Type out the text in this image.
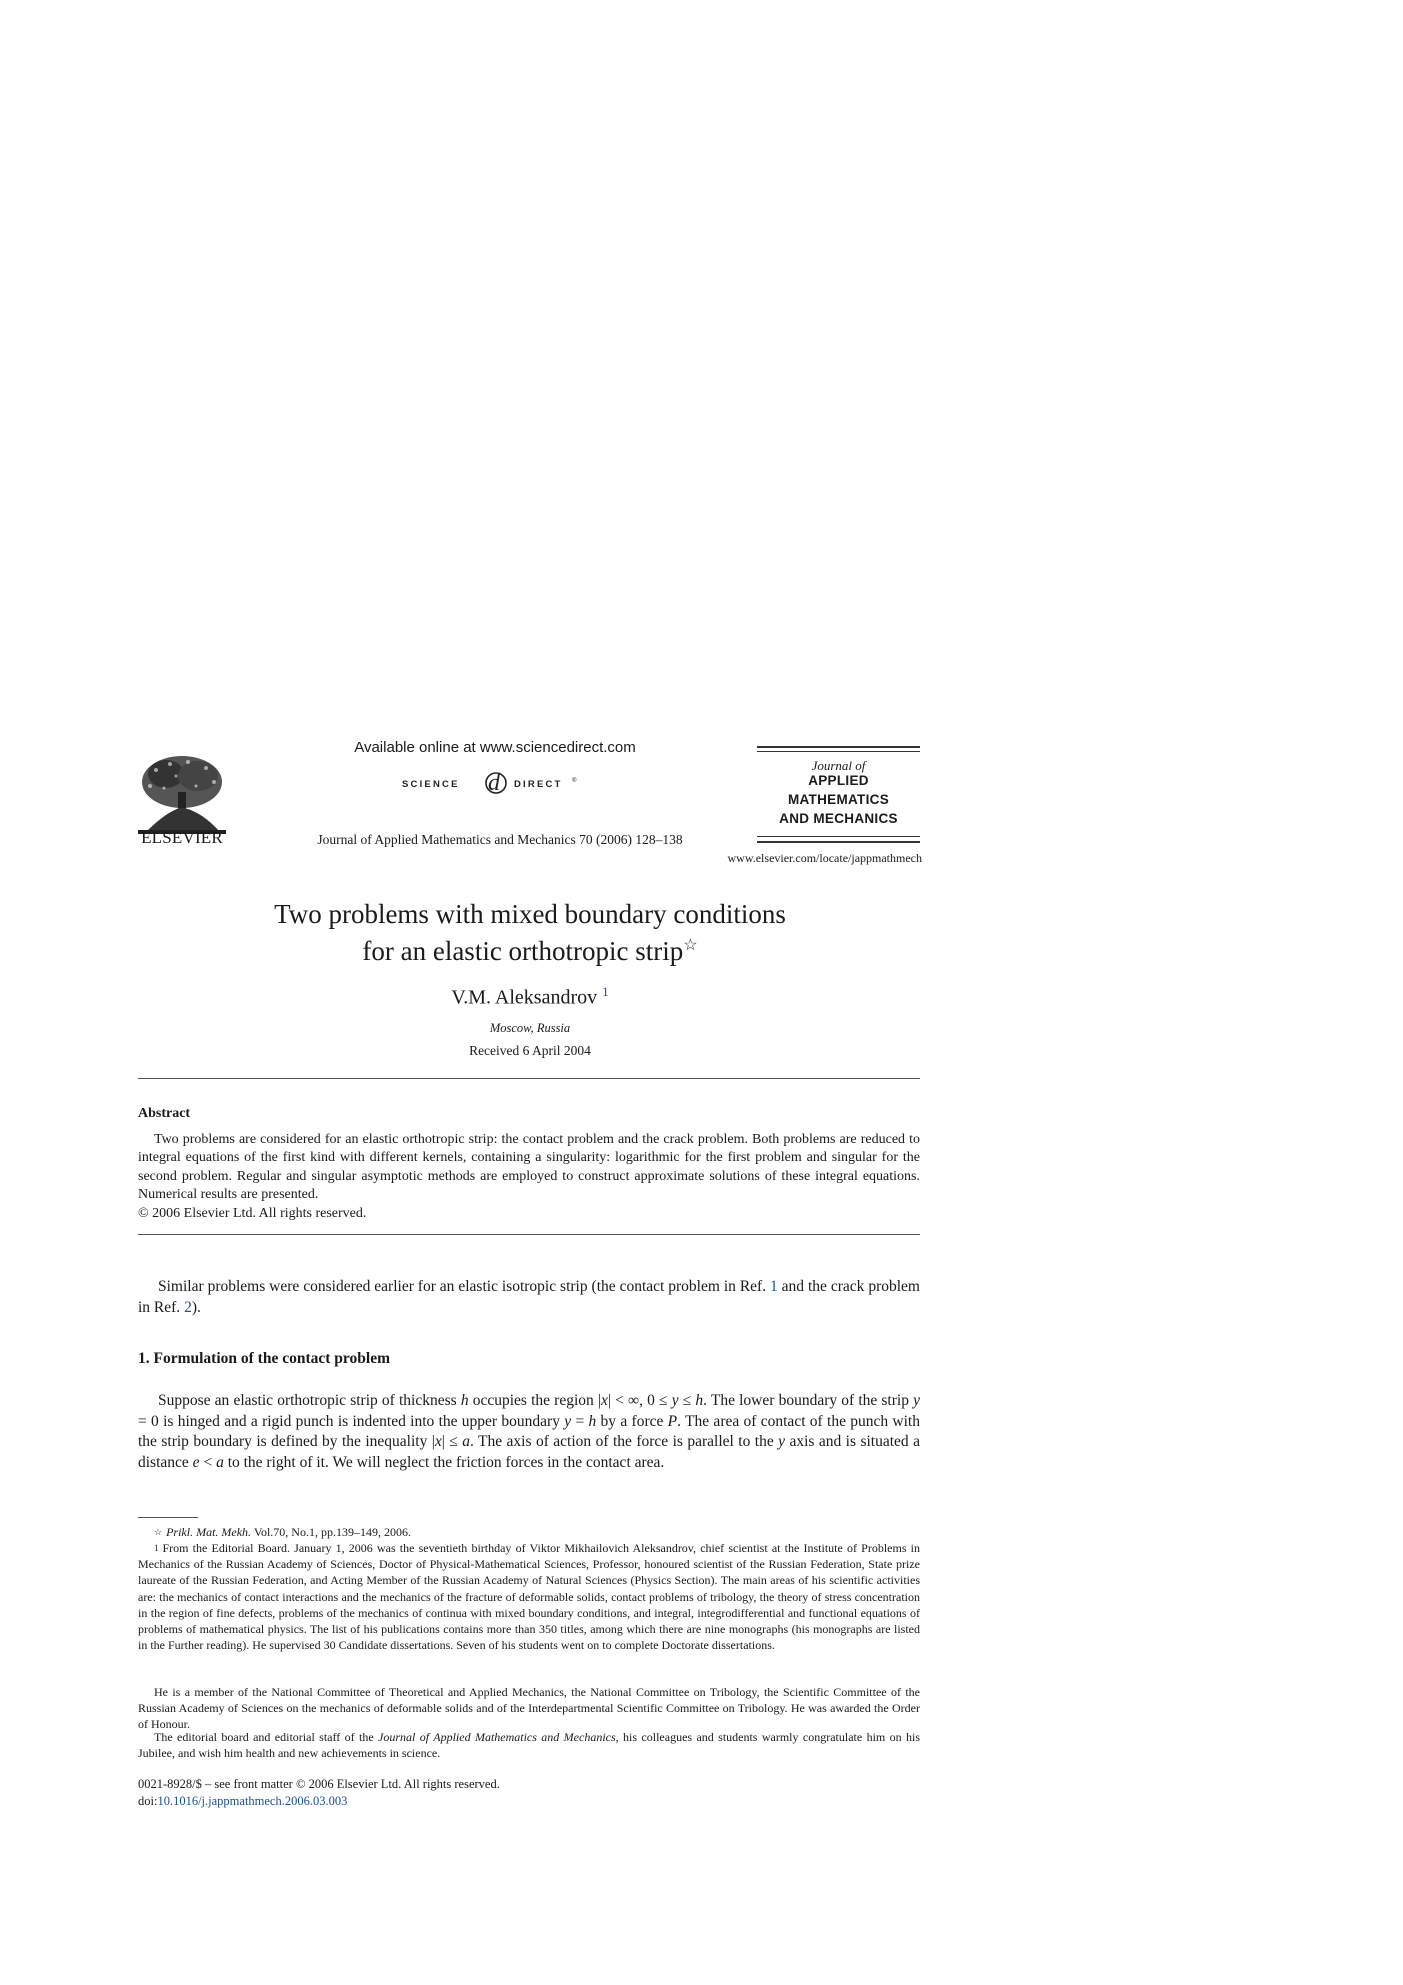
ELSEVIER
Available online at www.sciencedirect.com
SCIENCE d DIRECT ®
Journal of Applied Mathematics and Mechanics 70 (2006) 128–138
Journal of
APPLIED
MATHEMATICS
AND MECHANICS
www.elsevier.com/locate/jappmathmech
Two problems with mixed boundary conditions
for an elastic orthotropic strip☆
V.M. Aleksandrov $^1$
Moscow, Russia
Received 6 April 2004
Abstract
Two problems are considered for an elastic orthotropic strip: the contact problem and the crack problem. Both problems are reduced to integral equations of the first kind with different kernels, containing a singularity: logarithmic for the first problem and singular for the second problem. Regular and singular asymptotic methods are employed to construct approximate solutions of these integral equations. Numerical results are presented.
© 2006 Elsevier Ltd. All rights reserved.
Similar problems were considered earlier for an elastic isotropic strip (the contact problem in Ref. 1 and the crack problem in Ref. 2).
1. Formulation of the contact problem
Suppose an elastic orthotropic strip of thickness h occupies the region |x| < ∞, 0 ≤ y ≤ h. The lower boundary of the strip y = 0 is hinged and a rigid punch is indented into the upper boundary y = h by a force P. The area of contact of the punch with the strip boundary is defined by the inequality |x| ≤ a. The axis of action of the force is parallel to the y axis and is situated a distance e < a to the right of it. We will neglect the friction forces in the contact area.
☆ Prikl. Mat. Mekh. Vol.70, No.1, pp.139–149, 2006.
$^1$ From the Editorial Board. January 1, 2006 was the seventieth birthday of Viktor Mikhailovich Aleksandrov, chief scientist at the Institute of Problems in Mechanics of the Russian Academy of Sciences, Doctor of Physical-Mathematical Sciences, Professor, honoured scientist of the Russian Federation, State prize laureate of the Russian Federation, and Acting Member of the Russian Academy of Natural Sciences (Physics Section). The main areas of his scientific activities are: the mechanics of contact interactions and the mechanics of the fracture of deformable solids, contact problems of tribology, the theory of stress concentration in the region of fine defects, problems of the mechanics of continua with mixed boundary conditions, and integral, integrodifferential and functional equations of problems of mathematical physics. The list of his publications contains more than 350 titles, among which there are nine monographs (his monographs are listed in the Further reading). He supervised 30 Candidate dissertations. Seven of his students went on to complete Doctorate dissertations.
He is a member of the National Committee of Theoretical and Applied Mechanics, the National Committee on Tribology, the Scientific Committee of the Russian Academy of Sciences on the mechanics of deformable solids and of the Interdepartmental Scientific Committee on Tribology. He was awarded the Order of Honour.
The editorial board and editorial staff of the Journal of Applied Mathematics and Mechanics, his colleagues and students warmly congratulate him on his Jubilee, and wish him health and new achievements in science.
0021-8928/$ – see front matter © 2006 Elsevier Ltd. All rights reserved.
doi:10.1016/j.jappmathmech.2006.03.003
